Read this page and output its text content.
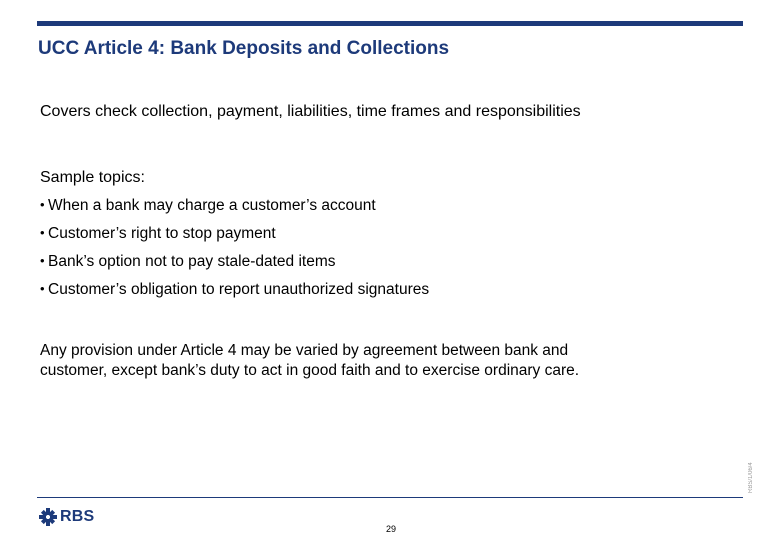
UCC Article 4: Bank Deposits and Collections
Covers check collection, payment, liabilities, time frames and responsibilities
Sample topics:
• When a bank may charge a customer’s account
• Customer’s right to stop payment
• Bank’s option not to pay stale-dated items
• Customer’s obligation to report unauthorized signatures

Any provision under Article 4 may be varied by agreement between bank and

customer, except bank’s duty to act in good faith and to exercise ordinary care.

RBS/1/06/4
RBS
29
